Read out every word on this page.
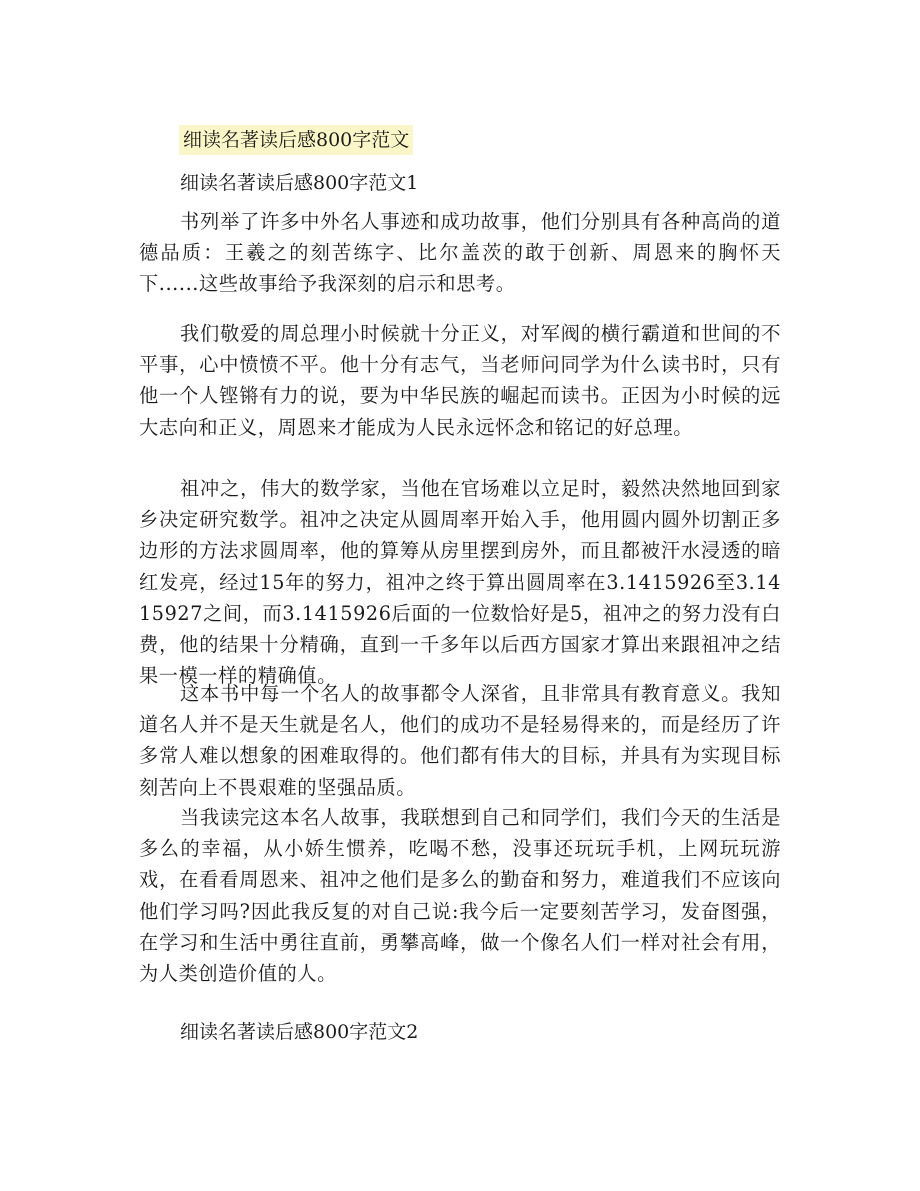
细读名著读后感800字范文
细读名著读后感800字范文1

书列举了许多中外名人事迹和成功故事，他们分别具有各种高尚的道德品质：王羲之的刻苦练字、比尔盖茨的敢于创新、周恩来的胸怀天下......这些故事给予我深刻的启示和思考。

我们敬爱的周总理小时候就十分正义，对军阀的横行霸道和世间的不平事，心中愤愤不平。他十分有志气，当老师问同学为什么读书时，只有他一个人铿锵有力的说，要为中华民族的崛起而读书。正因为小时候的远大志向和正义，周恩来才能成为人民永远怀念和铭记的好总理。

祖冲之，伟大的数学家，当他在官场难以立足时，毅然决然地回到家乡决定研究数学。祖冲之决定从圆周率开始入手，他用圆内圆外切割正多边形的方法求圆周率，他的算筹从房里摆到房外，而且都被汗水浸透的暗红发亮，经过15年的努力，祖冲之终于算出圆周率在3.1415926至3.1415927之间，而3.1415926后面的一位数恰好是5，祖冲之的努力没有白费，他的结果十分精确，直到一千多年以后西方国家才算出来跟祖冲之结果一模一样的精确值。

这本书中每一个名人的故事都令人深省，且非常具有教育意义。我知道名人并不是天生就是名人，他们的成功不是轻易得来的，而是经历了许多常人难以想象的困难取得的。他们都有伟大的目标，并具有为实现目标刻苦向上不畏艰难的坚强品质。

当我读完这本名人故事，我联想到自己和同学们，我们今天的生活是多么的幸福，从小娇生惯养，吃喝不愁，没事还玩玩手机，上网玩玩游戏，在看看周恩来、祖冲之他们是多么的勤奋和努力，难道我们不应该向他们学习吗?因此我反复的对自己说:我今后一定要刻苦学习，发奋图强，在学习和生活中勇往直前，勇攀高峰，做一个像名人们一样对社会有用，为人类创造价值的人。

细读名著读后感800字范文2
